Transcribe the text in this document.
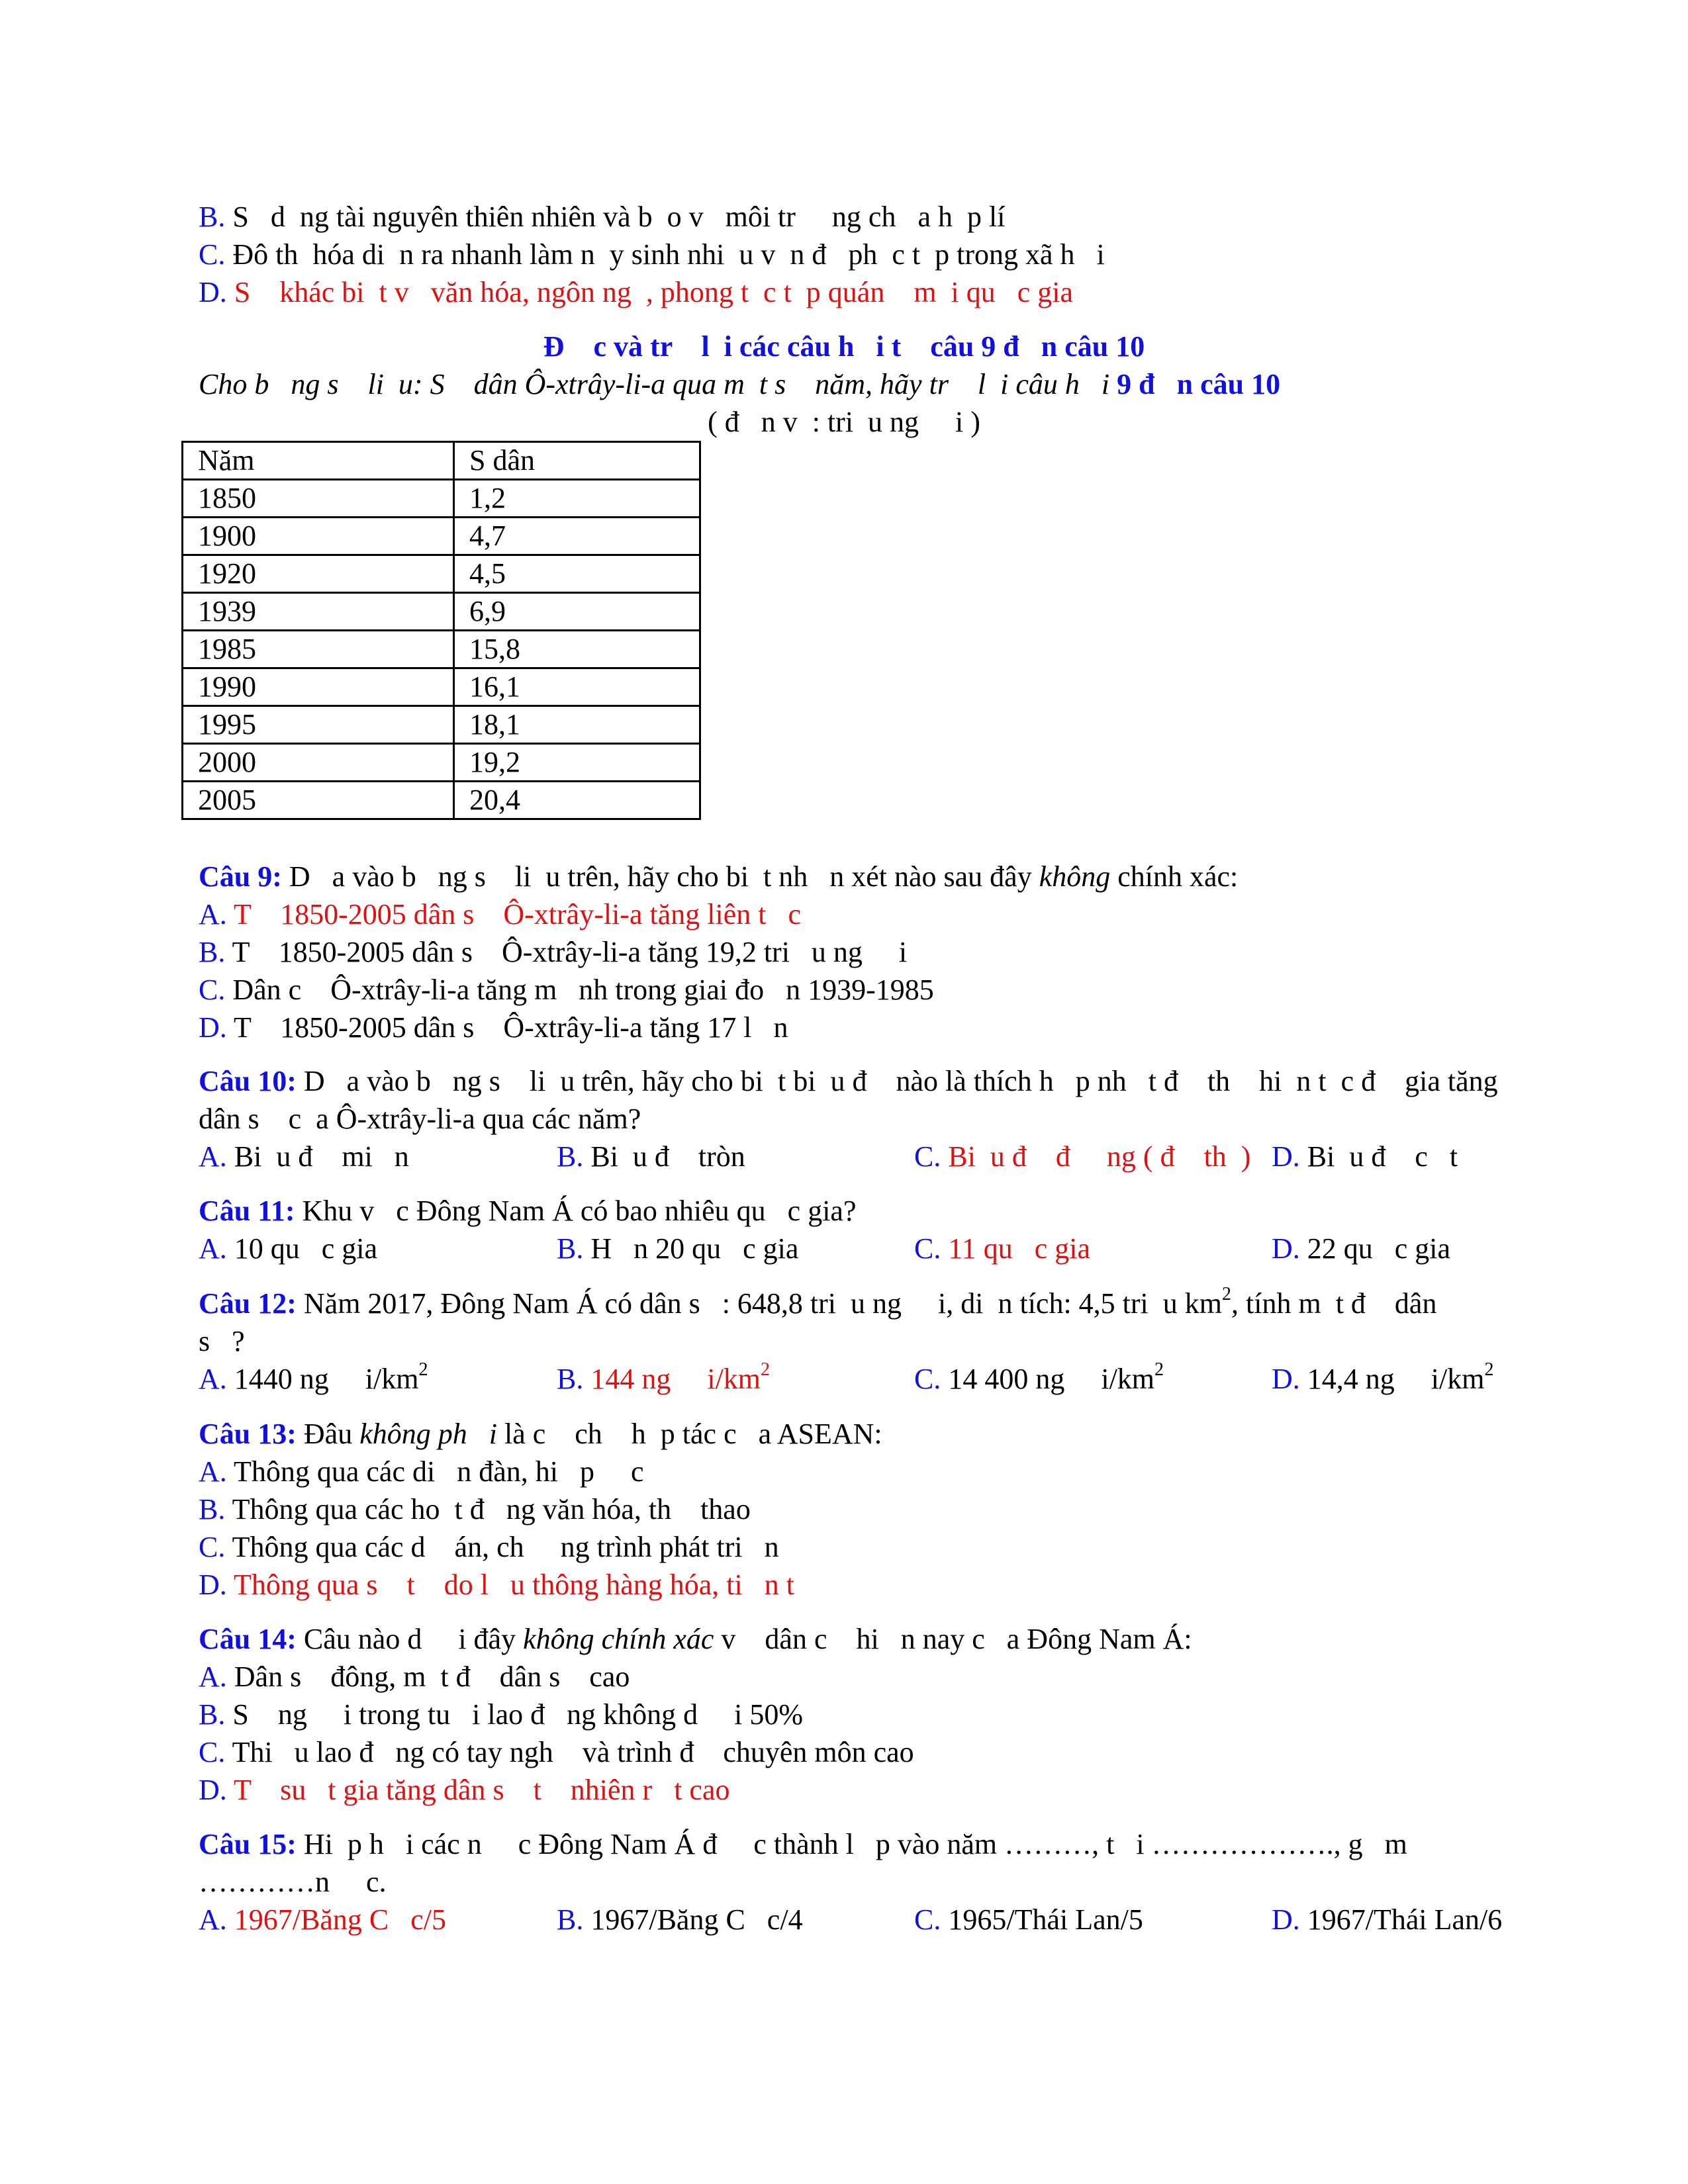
B. S   d  ng tài nguyên thiên nhiên và b  o v   môi tr     ng ch   a h  p lí
C. Đô th  hóa di  n ra nhanh làm n  y sinh nhi  u v  n đ   ph  c t  p trong xã h   i
D. S    khác bi  t v   văn hóa, ngôn ng  , phong t  c t  p quán    m  i qu   c gia
Đ    c và tr    l  i các câu h   i t    câu 9 đ   n câu 10
Cho b   ng s    li  u: S    dân Ô-xtrây-li-a qua m  t s    năm, hãy tr    l  i câu h   i 9 đ   n câu 10
( đ   n v  : tri  u ng     i )
Năm	S dân
1850	1,2
1900	4,7
1920	4,5
1939	6,9
1985	15,8
1990	16,1
1995	18,1
2000	19,2
2005	20,4
Câu 9: D   a vào b   ng s    li  u trên, hãy cho bi  t nh   n xét nào sau đây không chính xác:
A. T    1850-2005 dân s    Ô-xtrây-li-a tăng liên t   c
B. T    1850-2005 dân s    Ô-xtrây-li-a tăng 19,2 tri   u ng     i
C. Dân c    Ô-xtrây-li-a tăng m   nh trong giai đo   n 1939-1985
D. T    1850-2005 dân s    Ô-xtrây-li-a tăng 17 l   n
Câu 10: D   a vào b   ng s    li  u trên, hãy cho bi  t bi  u đ    nào là thích h   p nh   t đ    th    hi  n t  c đ    gia tăng
dân s    c  a Ô-xtrây-li-a qua các năm?
A. Bi  u đ    mi   n	B. Bi  u đ    tròn	C. Bi  u đ    đ     ng ( đ    th  ) D. Bi  u đ    c   t
Câu 11: Khu v   c Đông Nam Á có bao nhiêu qu   c gia?
A. 10 qu   c gia	B. H   n 20 qu   c gia	C. 11 qu   c gia	D. 22 qu   c gia
Câu 12: Năm 2017, Đông Nam Á có dân s   : 648,8 tri  u ng     i, di  n tích: 4,5 tri  u $km^2$, tính m  t đ    dân
s   ?
A. 1440 ng     $i/km^2$	B. 144 ng     $i/km^2$	C. 14 400 ng     $i/km^2$	D. 14,4 ng     $i/km^2$
Câu 13: Đâu không ph   i là c    ch    h  p tác c   a ASEAN:
A. Thông qua các di   n đàn, hi   p     c
B. Thông qua các ho  t đ   ng văn hóa, th    thao
C. Thông qua các d    án, ch     ng trình phát tri   n
D. Thông qua s    t    do l   u thông hàng hóa, ti   n t
Câu 14: Câu nào d     i đây không chính xác v    dân c    hi   n nay c   a Đông Nam Á:
A. Dân s    đông, m  t đ    dân s    cao
B. S    ng     i trong tu   i lao đ   ng không d     i 50%
C. Thi   u lao đ   ng có tay ngh    và trình đ    chuyên môn cao
D. T    su   t gia tăng dân s    t    nhiên r   t cao
Câu 15: Hi  p h   i các n     c Đông Nam Á đ     c thành l   p vào năm ………, t   i ………………., g   m
…………n     c.
A. 1967/Băng C   c/5	B. 1967/Băng C   c/4	C. 1965/Thái Lan/5	D. 1967/Thái Lan/6
